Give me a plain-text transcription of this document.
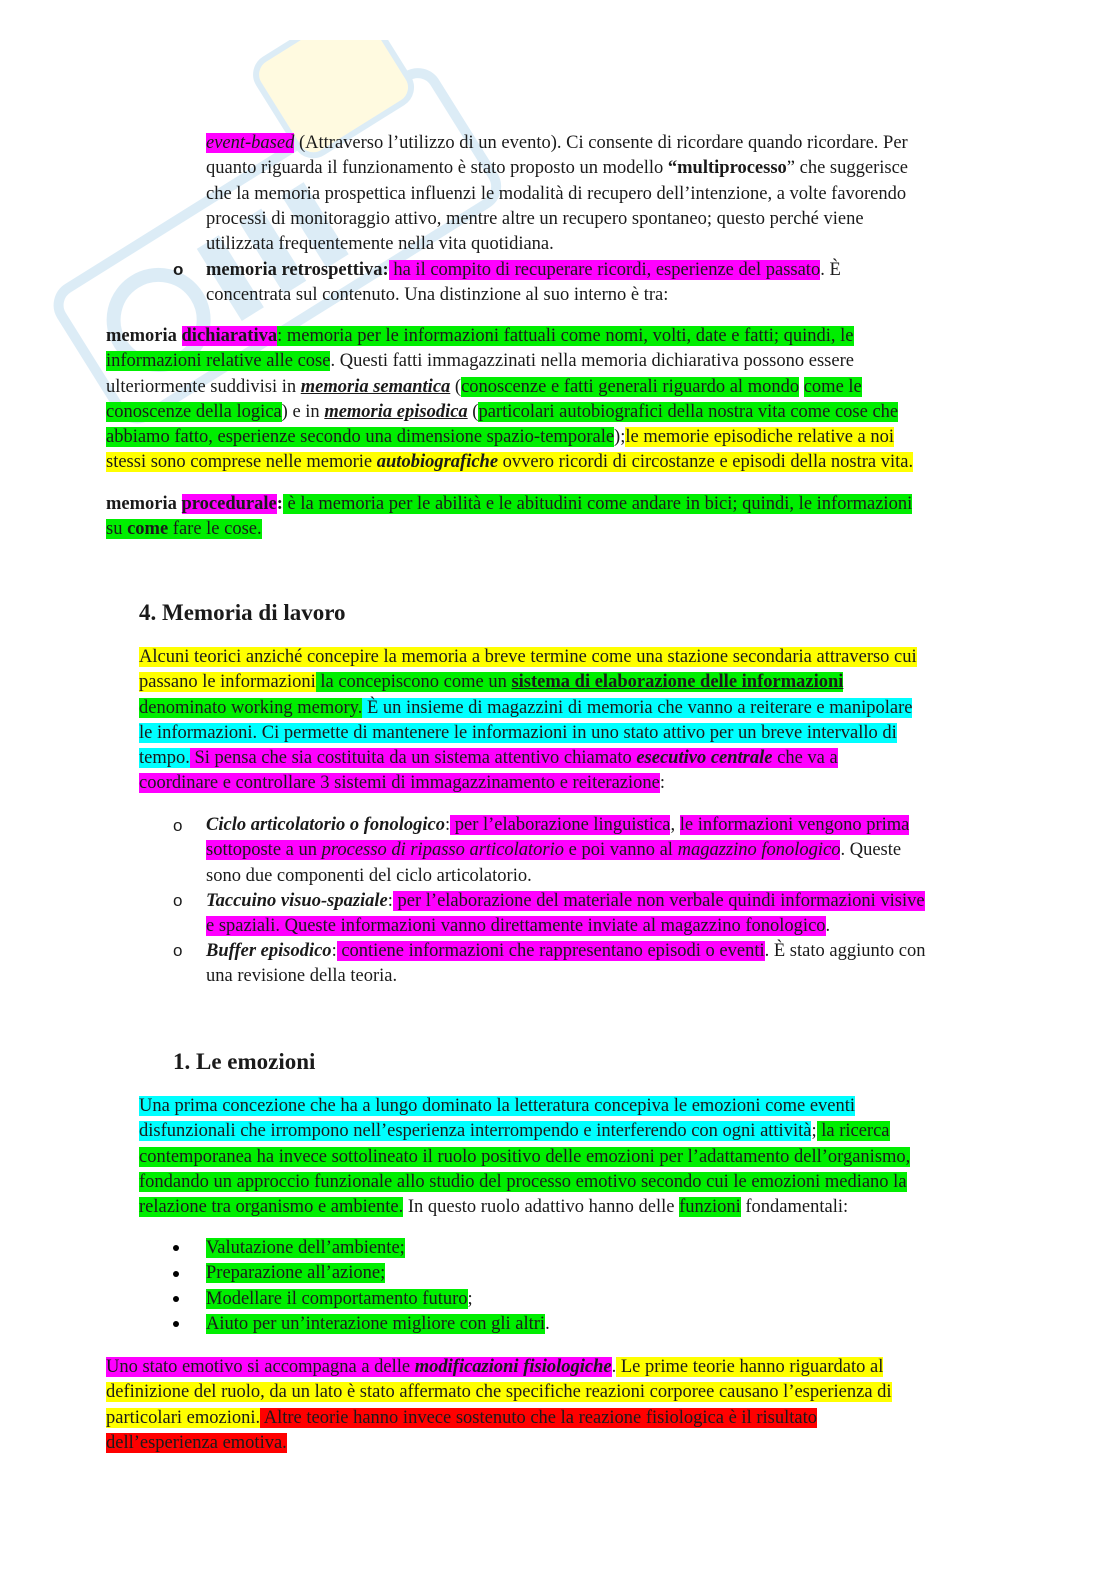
event-based (Attraverso l’utilizzo di un evento). Ci consente di ricordare quando ricordare. Per

quanto riguarda il funzionamento è stato proposto un modello “multiprocesso” che suggerisce

che la memoria prospettica influenzi le modalità di recupero dell’intenzione, a volte favorendo

processi di monitoraggio attivo, mentre altre un recupero spontaneo; questo perché viene

utilizzata frequentemente nella vita quotidiana.

o memoria retrospettiva: ha il compito di recuperare ricordi, esperienze del passato. È

concentrata sul contenuto. Una distinzione al suo interno è tra:

memoria dichiarativa: memoria per le informazioni fattuali come nomi, volti, date e fatti; quindi, le

informazioni relative alle cose. Questi fatti immagazzinati nella memoria dichiarativa possono essere

ulteriormente suddivisi in memoria semantica (conoscenze e fatti generali riguardo al mondo come le

conoscenze della logica) e in memoria episodica (particolari autobiografici della nostra vita come cose che

abbiamo fatto, esperienze secondo una dimensione spazio-temporale);le memorie episodiche relative a noi

stessi sono comprese nelle memorie autobiografiche ovvero ricordi di circostanze e episodi della nostra vita.

memoria procedurale: è la memoria per le abilità e le abitudini come andare in bici; quindi, le informazioni

su come fare le cose.

4. Memoria di lavoro

Alcuni teorici anziché concepire la memoria a breve termine come una stazione secondaria attraverso cui

passano le informazioni la concepiscono come un sistema di elaborazione delle informazioni

denominato working memory. È un insieme di magazzini di memoria che vanno a reiterare e manipolare

le informazioni. Ci permette di mantenere le informazioni in uno stato attivo per un breve intervallo di

tempo. Si pensa che sia costituita da un sistema attentivo chiamato esecutivo centrale che va a

coordinare e controllare 3 sistemi di immagazzinamento e reiterazione:

o Ciclo articolatorio o fonologico: per l’elaborazione linguistica, le informazioni vengono prima

sottoposte a un processo di ripasso articolatorio e poi vanno al magazzino fonologico. Queste

sono due componenti del ciclo articolatorio.

o Taccuino visuo-spaziale: per l’elaborazione del materiale non verbale quindi informazioni visive

e spaziali. Queste informazioni vanno direttamente inviate al magazzino fonologico.

o Buffer episodico: contiene informazioni che rappresentano episodi o eventi. È stato aggiunto con

una revisione della teoria.

1. Le emozioni

Una prima concezione che ha a lungo dominato la letteratura concepiva le emozioni come eventi

disfunzionali che irrompono nell’esperienza interrompendo e interferendo con ogni attività; la ricerca

contemporanea ha invece sottolineato il ruolo positivo delle emozioni per l’adattamento dell’organismo,

fondando un approccio funzionale allo studio del processo emotivo secondo cui le emozioni mediano la

relazione tra organismo e ambiente. In questo ruolo adattivo hanno delle funzioni fondamentali:

Valutazione dell’ambiente;

Preparazione all’azione;

Modellare il comportamento futuro;

Aiuto per un’interazione migliore con gli altri.

Uno stato emotivo si accompagna a delle modificazioni fisiologiche. Le prime teorie hanno riguardato al

definizione del ruolo, da un lato è stato affermato che specifiche reazioni corporee causano l’esperienza di

particolari emozioni. Altre teorie hanno invece sostenuto che la reazione fisiologica è il risultato

dell’esperienza emotiva.
